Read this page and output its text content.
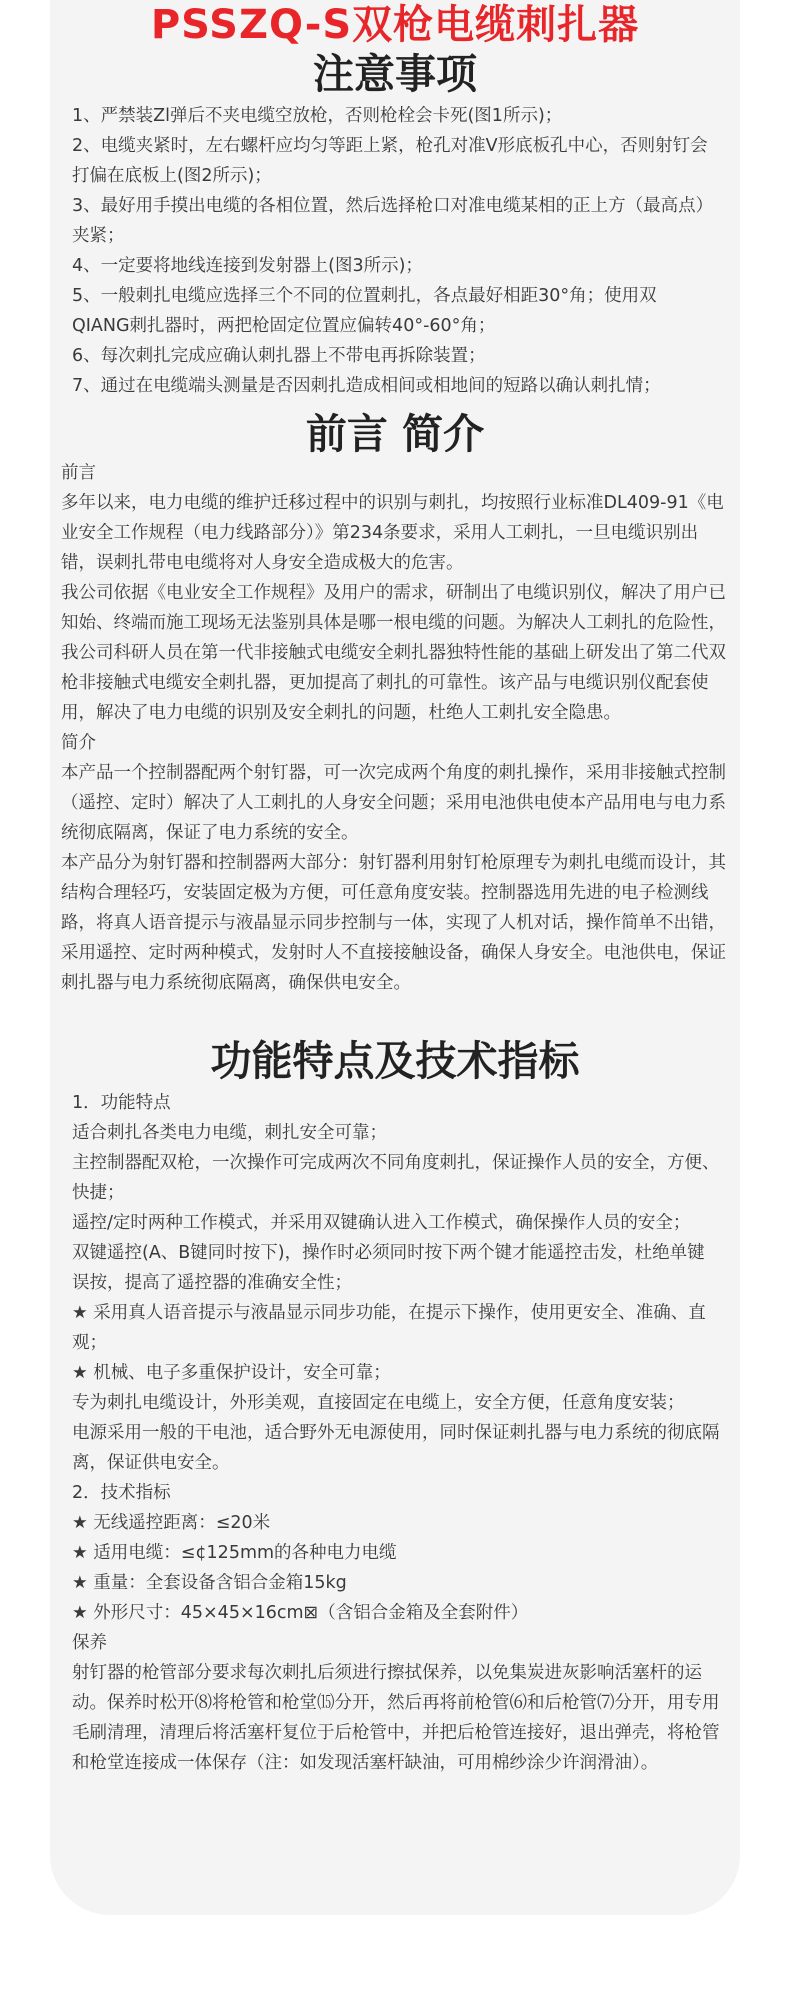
PSSZQ-S双枪电缆刺扎器
注意事项

1、严禁装Zl弹后不夹电缆空放枪，否则枪栓会卡死(图1所示)；

2、电缆夹紧时，左右螺杆应均匀等距上紧，枪孔对准V形底板孔中心，否则射钉会打偏在底板上(图2所示)；

3、最好用手摸出电缆的各相位置，然后选择枪口对准电缆某相的正上方（最高点）夹紧；

4、一定要将地线连接到发射器上(图3所示)；

5、一般刺扎电缆应选择三个不同的位置刺扎，各点最好相距30°角；使用双QIANG刺扎器时，两把枪固定位置应偏转40°-60°角；

6、每次刺扎完成应确认刺扎器上不带电再拆除装置；

7、通过在电缆端头测量是否因刺扎造成相间或相地间的短路以确认刺扎情；

前言 简介

前言

多年以来，电力电缆的维护迁移过程中的识别与刺扎，均按照行业标准DL409-91《电业安全工作规程（电力线路部分）》第234条要求，采用人工刺扎，一旦电缆识别出错，误刺扎带电电缆将对人身安全造成极大的危害。

我公司依据《电业安全工作规程》及用户的需求，研制出了电缆识别仪，解决了用户已知始、终端而施工现场无法鉴别具体是哪一根电缆的问题。为解决人工刺扎的危险性，我公司科研人员在第一代非接触式电缆安全刺扎器独特性能的基础上研发出了第二代双枪非接触式电缆安全刺扎器，更加提高了刺扎的可靠性。该产品与电缆识别仪配套使用，解决了电力电缆的识别及安全刺扎的问题，杜绝人工刺扎安全隐患。

简介

本产品一个控制器配两个射钉器，可一次完成两个角度的刺扎操作，采用非接触式控制（遥控、定时）解决了人工刺扎的人身安全问题；采用电池供电使本产品用电与电力系统彻底隔离，保证了电力系统的安全。

本产品分为射钉器和控制器两大部分：射钉器利用射钉枪原理专为刺扎电缆而设计，其结构合理轻巧，安装固定极为方便，可任意角度安装。控制器选用先进的电子检测线路，将真人语音提示与液晶显示同步控制与一体，实现了人机对话，操作简单不出错，采用遥控、定时两种模式，发射时人不直接接触设备，确保人身安全。电池供电，保证刺扎器与电力系统彻底隔离，确保供电安全。

功能特点及技术指标

1．功能特点

适合刺扎各类电力电缆，刺扎安全可靠；

主控制器配双枪，一次操作可完成两次不同角度刺扎，保证操作人员的安全，方便、快捷；

遥控/定时两种工作模式，并采用双键确认进入工作模式，确保操作人员的安全；

双键遥控(A、B键同时按下)，操作时必须同时按下两个键才能遥控击发，杜绝单键误按，提高了遥控器的准确安全性；

★ 采用真人语音提示与液晶显示同步功能，在提示下操作，使用更安全、准确、直观；

★ 机械、电子多重保护设计，安全可靠；

专为刺扎电缆设计，外形美观，直接固定在电缆上，安全方便，任意角度安装；

电源采用一般的干电池，适合野外无电源使用，同时保证刺扎器与电力系统的彻底隔离，保证供电安全。

2．技术指标

★ 无线遥控距离：≤20米

★ 适用电缆：≤¢125mm的各种电力电缆

★ 重量：全套设备含铝合金箱15kg

★ 外形尺寸：45×45×16cm⊠（含铝合金箱及全套附件）

保养

射钉器的枪管部分要求每次刺扎后须进行擦拭保养，以免集炭进灰影响活塞杆的运动。保养时松开⑻将枪管和枪堂⒂分开，然后再将前枪管⑹和后枪管⑺分开，用专用毛刷清理，清理后将活塞杆复位于后枪管中，并把后枪管连接好，退出弹壳，将枪管和枪堂连接成一体保存（注：如发现活塞杆缺油，可用棉纱涂少许润滑油）。
